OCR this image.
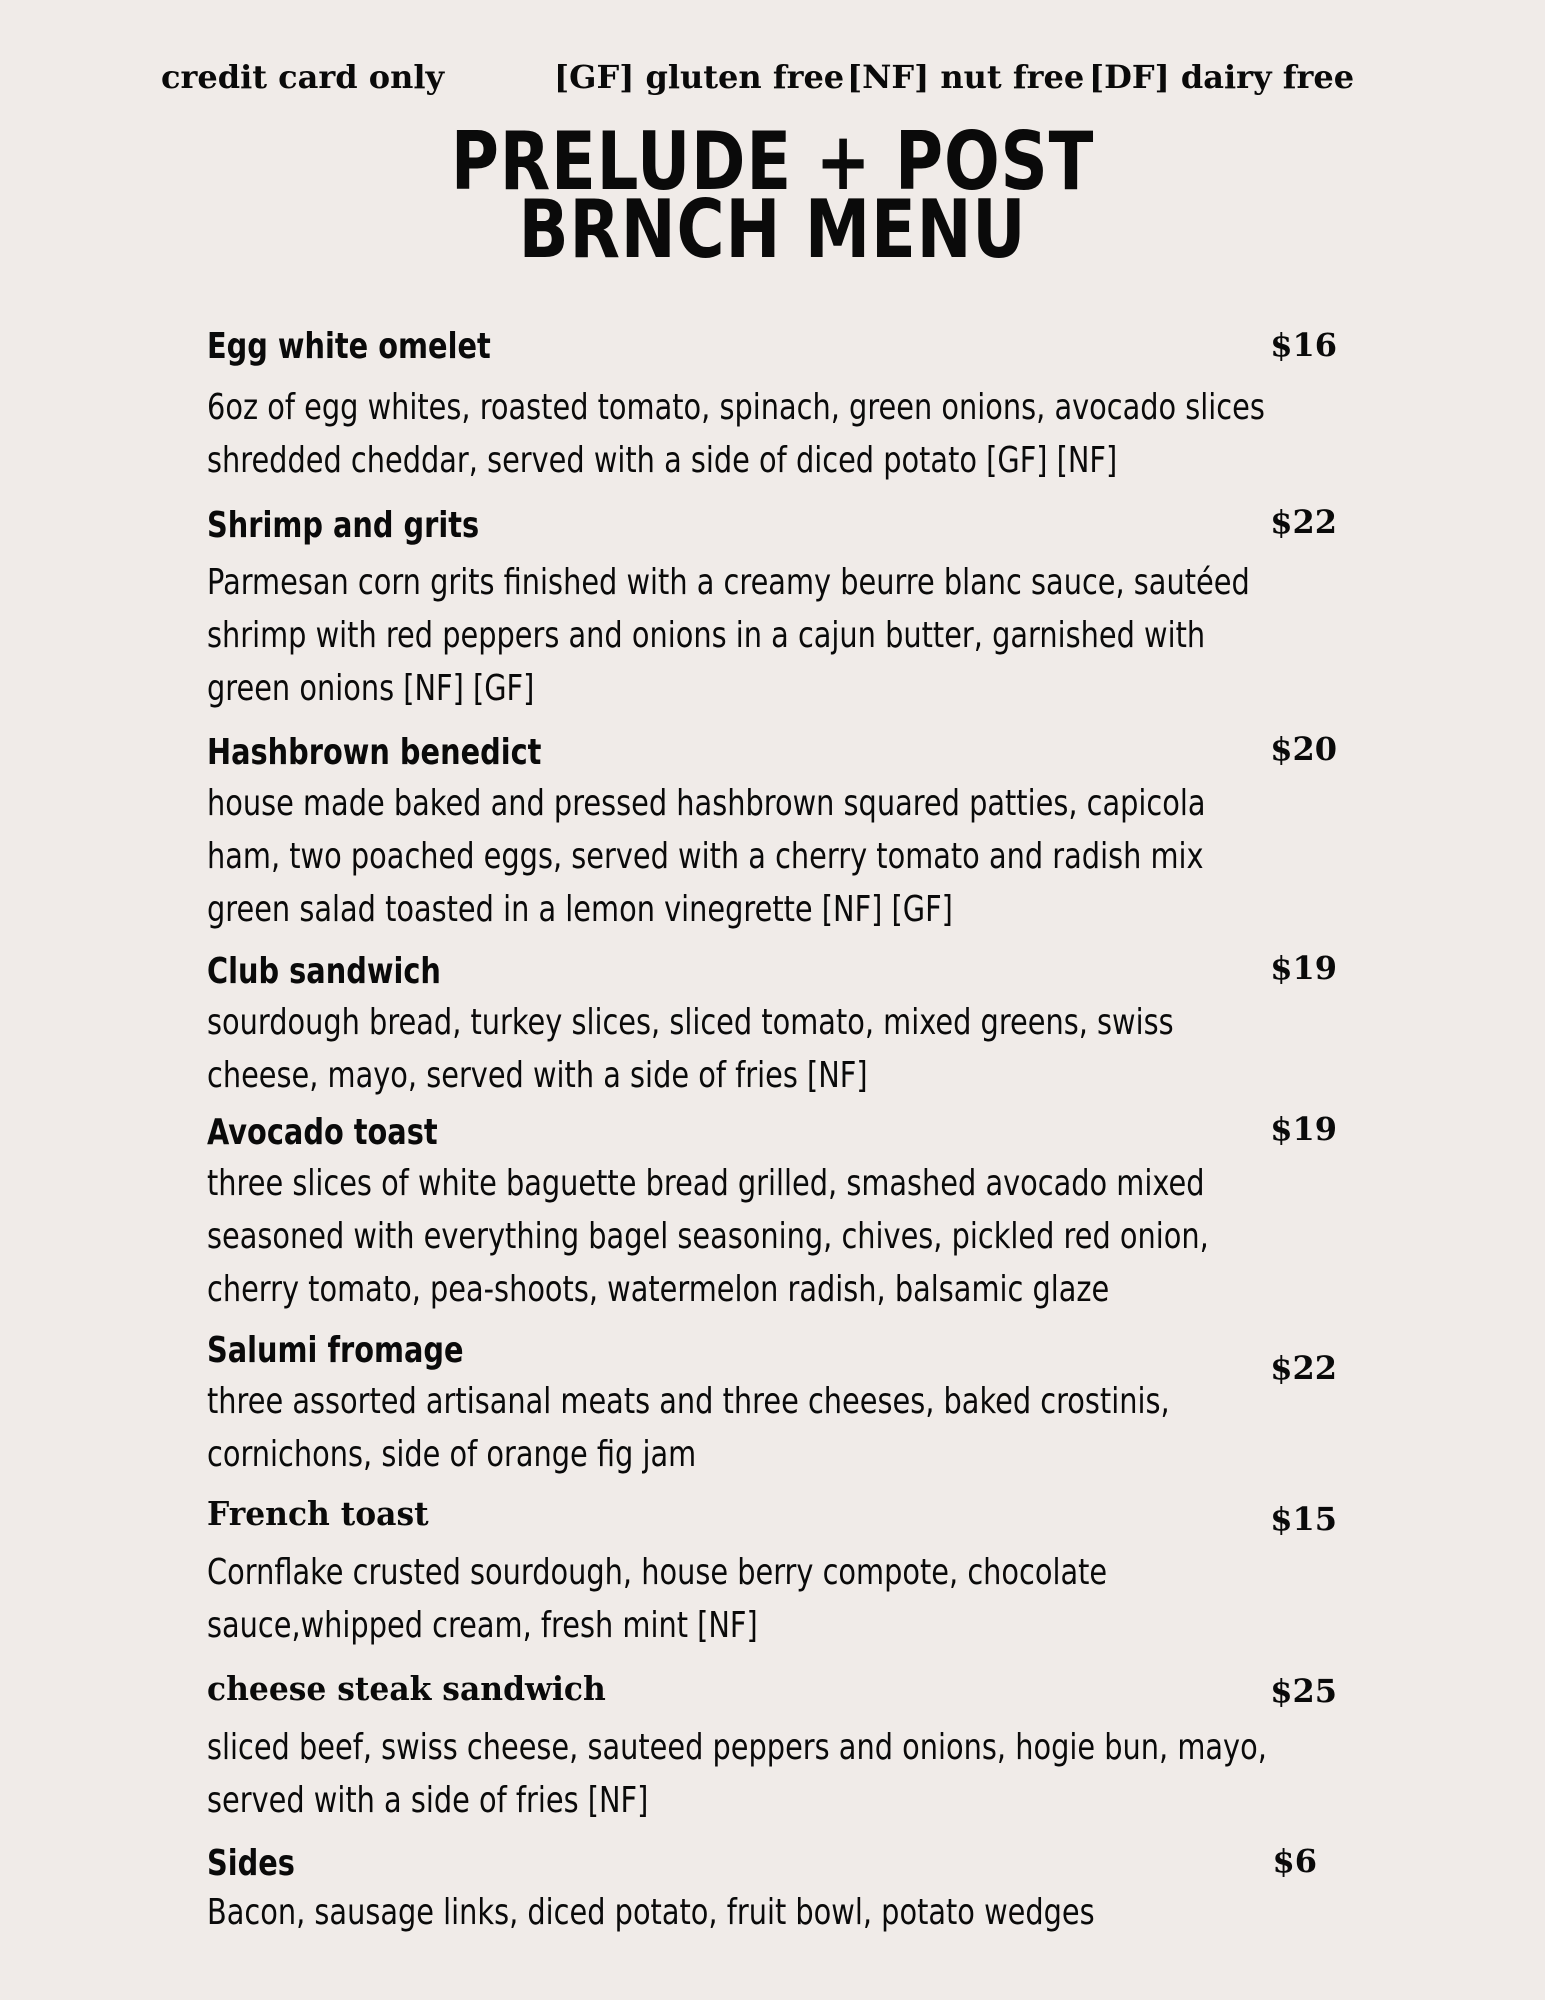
credit card only	[GF] gluten free [NF] nut free [DF] dairy free
PRELUDE + POST
BRNCH MENU
Egg white omelet	$16
6oz of egg whites, roasted tomato, spinach, green onions, avocado slices
shredded cheddar, served with a side of diced potato [GF] [NF]
Shrimp and grits	$22
Parmesan corn grits finished with a creamy beurre blanc sauce, sautéed
shrimp with red peppers and onions in a cajun butter, garnished with
green onions [NF] [GF]
Hashbrown benedict	$20
house made baked and pressed hashbrown squared patties, capicola
ham, two poached eggs, served with a cherry tomato and radish mix
green salad toasted in a lemon vinegrette [NF] [GF]
Club sandwich	$19
sourdough bread, turkey slices, sliced tomato, mixed greens, swiss
cheese, mayo, served with a side of fries [NF]
Avocado toast	$19
three slices of white baguette bread grilled, smashed avocado mixed
seasoned with everything bagel seasoning, chives, pickled red onion,
cherry tomato, pea-shoots, watermelon radish, balsamic glaze
Salumi fromage	$22
three assorted artisanal meats and three cheeses, baked crostinis,
cornichons, side of orange fig jam
French toast	$15
Cornflake crusted sourdough, house berry compote, chocolate
sauce,whipped cream, fresh mint [NF]
cheese steak sandwich	$25
sliced beef, swiss cheese, sauteed peppers and onions, hogie bun, mayo,
served with a side of fries [NF]
Sides	$6
Bacon, sausage links, diced potato, fruit bowl, potato wedges
